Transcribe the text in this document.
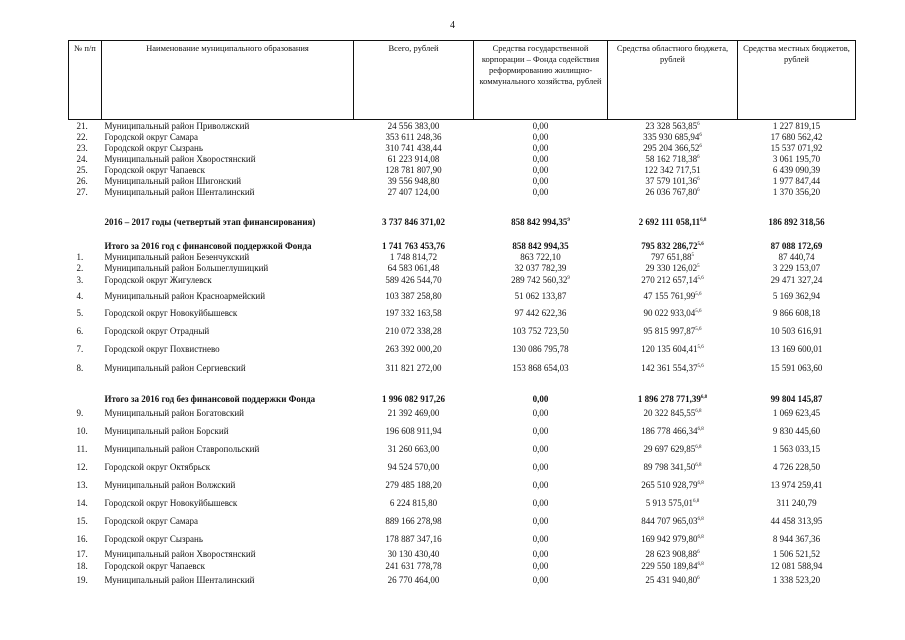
4
№ п/п	Наименование муниципального образования	Всего, рублей	Средства государственной корпорации – Фонда содействия реформированию жилищно-коммунального хозяйства, рублей	Средства областного бюджета, рублей	Средства местных бюджетов, рублей
21.	Муниципальный район Приволжский	24 556 383,00	0,00	23 328 563,85$^6$	1 227 819,15
22.	Городской округ Самара	353 611 248,36	0,00	335 930 685,94$^6$	17 680 562,42
23.	Городской округ Сызрань	310 741 438,44	0,00	295 204 366,52$^6$	15 537 071,92
24.	Муниципальный район Хворостянский	61 223 914,08	0,00	58 162 718,38$^6$	3 061 195,70
25.	Городской округ Чапаевск	128 781 807,90	0,00	122 342 717,51	6 439 090,39
26.	Муниципальный район Шигонский	39 556 948,80	0,00	37 579 101,36$^6$	1 977 847,44
27.	Муниципальный район Шенталинский	27 407 124,00	0,00	26 036 767,80$^6$	1 370 356,20
	2016 – 2017 годы (четвертый этап финансирования)	3 737 846 371,02	858 842 994,35$^9$	2 692 111 058,11$^{6,8}$	186 892 318,56
	Итого за 2016 год с финансовой поддержкой Фонда	1 741 763 453,76	858 842 994,35	795 832 286,72$^{5,6}$	87 088 172,69
1.	Муниципальный район Безенчукский	1 748 814,72	863 722,10	797 651,88$^5$	87 440,74
2.	Муниципальный район Большеглушицкий	64 583 061,48	32 037 782,39	29 330 126,02$^5$	3 229 153,07
3.	Городской округ Жигулевск	589 426 544,70	289 742 560,32$^9$	270 212 657,14$^{5,6}$	29 471 327,24
4.	Муниципальный район Красноармейский	103 387 258,80	51 062 133,87	47 155 761,99$^{5,6}$	5 169 362,94
5.	Городской округ Новокуйбышевск	197 332 163,58	97 442 622,36	90 022 933,04$^{5,6}$	9 866 608,18
6.	Городской округ Отрадный	210 072 338,28	103 752 723,50	95 815 997,87$^{5,6}$	10 503 616,91
7.	Городской округ Похвистнево	263 392 000,20	130 086 795,78	120 135 604,41$^{5,6}$	13 169 600,01
8.	Муниципальный район Сергиевский	311 821 272,00	153 868 654,03	142 361 554,37$^{5,6}$	15 591 063,60
	Итого за 2016 год без финансовой поддержки Фонда	1 996 082 917,26	0,00	1 896 278 771,39$^{6,8}$	99 804 145,87
9.	Муниципальный район Богатовский	21 392 469,00	0,00	20 322 845,55$^{6,8}$	1 069 623,45
10.	Муниципальный район Борский	196 608 911,94	0,00	186 778 466,34$^{6,8}$	9 830 445,60
11.	Муниципальный район Ставропольский	31 260 663,00	0,00	29 697 629,85$^{6,8}$	1 563 033,15
12.	Городской округ Октябрьск	94 524 570,00	0,00	89 798 341,50$^{6,8}$	4 726 228,50
13.	Муниципальный район Волжский	279 485 188,20	0,00	265 510 928,79$^{6,8}$	13 974 259,41
14.	Городской округ Новокуйбышевск	6 224 815,80	0,00	5 913 575,01$^{6,8}$	311 240,79
15.	Городской округ Самара	889 166 278,98	0,00	844 707 965,03$^{6,8}$	44 458 313,95
16.	Городской округ Сызрань	178 887 347,16	0,00	169 942 979,80$^{6,8}$	8 944 367,36
17.	Муниципальный район Хворостянский	30 130 430,40	0,00	28 623 908,88$^6$	1 506 521,52
18.	Городской округ Чапаевск	241 631 778,78	0,00	229 550 189,84$^{6,8}$	12 081 588,94
19.	Муниципальный район Шенталинский	26 770 464,00	0,00	25 431 940,80$^6$	1 338 523,20
